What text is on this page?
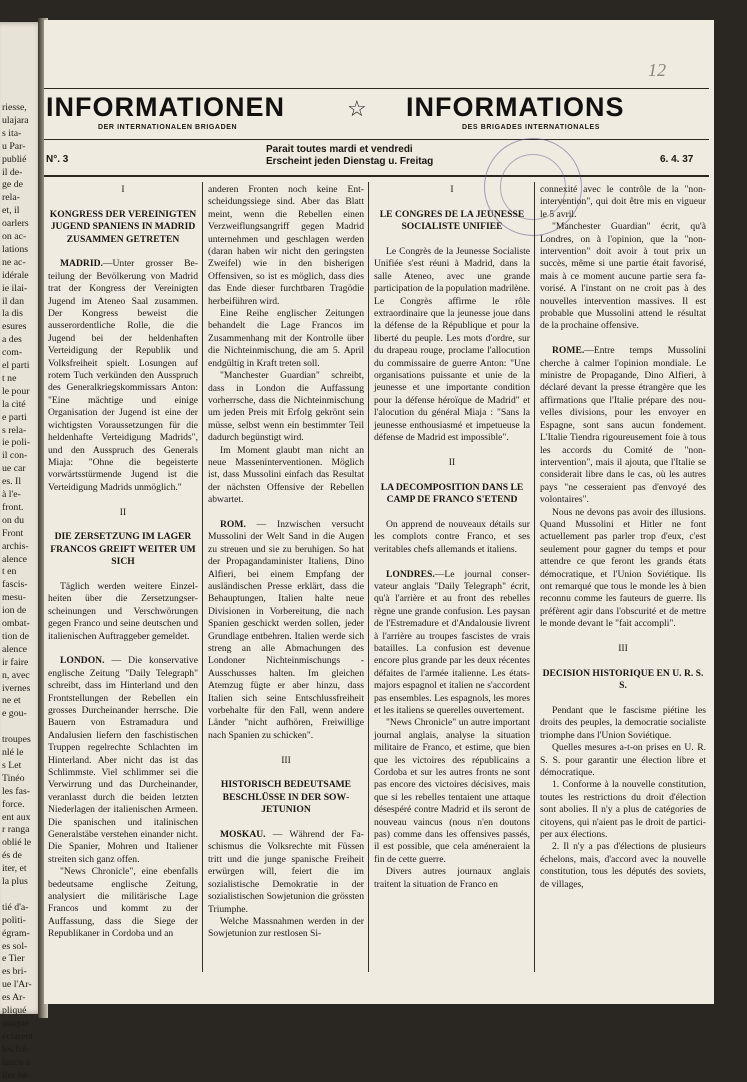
riesse,
ulajara
s ita-
u Par-
publié
il de-
ge de
rela-
et, il
oarlers
on ac-
lations
ne ac-
idérale
ie ilai-
il dan
la dis
esures
a des
com-
el parti
t ne
le pour
la cité
e parti
s rela-
ie poli-
il con-
ue car
es. Il
à l'e-
front.
on du
Front
archis-
alence
t en
fascis-
mesu-
ion de
ombat-
tion de
alence
ir faire
n, avec
ivernes
ne et
e gou-
troupes
nlé le
s Let
Tinéo
les fas-
force.
ent aux
r ranga
oblié le
és de
iter, et
la plus
tié d'a-
politi-
égram-
es sol-
e Tier
es bri-
ue l'Ar-
es Ar-
pliqué
unique
éclarent
les fré-
lanco a
iles hé-
12
INFORMATIONEN	☆ INFORMATIONS
DER INTERNATIONALEN BRIGADEN	DES BRIGADES INTERNATIONALES
N°. 3
Parait toutes mardi et vendredi
Erscheint jeden Dienstag u. Freitag	6. 4. 37

I

KONGRESS DER VEREINIGTEN JUGEND SPANIENS IN MADRID ZUSAMMEN GETRETEN

MADRID.—Unter grosser Beteilung der Bevölkerung von Madrid trat der Kongress der Vereinigten Jugend im Ateneo Saal zusammen. Der Kongress beweist die ausserordentliche Rolle, die die Jugend bei der heldenhaften Verteidigung der Republik und Volksfreiheit spielt. Losungen auf rotem Tuch verkünden den Ausspruch des Generalkriegskommissars Anton: "Eine mächtige und einige Organisation der Jugend ist eine der wichtigsten Voraussetzungen für die heldenhafte Verteidigung Madrids", und den Ausspruch des Generals Miaja: "Ohne die begeisterte vorwärtsstürmende Jugend ist die Verteidigung Madrids unmöglich."

II

DIE ZERSETZUNG IM LAGER FRANCOS GREIFT WEITER UM SICH

Täglich werden weitere Einzelheiten über die Zersetzungserscheinungen und Verschwörungen gegen Franco und seine deutschen und italienischen Auftraggeber gemeldet.

LONDON. — Die konservative englische Zeitung "Daily Telegraph" schreibt, dass im Hinterland und den Frontstellungen der Rebellen ein grosses Durcheinander herrsche. Die Bauern von Estramadura und Andalusien liefern den faschistischen Truppen regelrechte Schlachten im Hinterland. Aber nicht das ist das Schlimmste. Viel schlimmer sei die Verwirrung und das Durcheinander, veranlasst durch die beiden letzten Niederlagen der italienischen Armeen. Die spanischen und italinischen Generalstäbe verstehen einander nicht. Die Spanier, Mohren und Italiener streiten sich ganz offen.

"News Chronicle", eine ebenfalls bedeutsame englische Zeitung, analysiert die militärische Lage Francos und kommt zu der Auffassung, dass die Siege der Republikaner in Cordoba und an

anderen Fronten noch keine Entscheidungssiege sind. Aber das Blatt meint, wenn die Rebellen einen Verzweiflungsangriff gegen Madrid unternehmen und geschlagen werden (daran haben wir nicht den geringsten Zweifel) wie in den bisherigen Offensiven, so ist es möglich, dass dies das Ende dieser furchtbaren Tragödie herbeiführen wird.

Eine Reihe englischer Zeitungen behandelt die Lage Francos im Zusammenhang mit der Kontrolle über die Nichteinmischung, die am 5. April endgültig in Kraft treten soll.

"Manchester Guardian" schreibt, dass in London die Auffassung vorherrsche, dass die Nichteinmischung um jeden Preis mit Erfolg gekrönt sein müsse, selbst wenn ein bestimmter Teil dadurch begünstigt wird.

Im Moment glaubt man nicht an neue Masseninterventionen. Möglich ist, dass Mussolini einfach das Resultat der nächsten Offensive der Rebellen abwartet.

ROM. — Inzwischen versucht Mussolini der Welt Sand in die Augen zu streuen und sie zu beruhigen. So hat der Propagandaminister Italiens, Dino Alfieri, bei einem Empfang der ausländischen Presse erklärt, dass die Behauptungen, Italien halte neue Divisionen in Vorbereitung, die nach Spanien geschickt werden sollen, jeder Grundlage entbehren. Italien werde sich streng an alle Abmachungen des Londoner Nichteinmischungs - Ausschusses halten. Im gleichen Atemzug fügte er aber hinzu, dass Italien sich seine Entschlussfreiheit vorbehalte für den Fall, wenn andere Länder "nicht aufhören, Freiwillige nach Spanien zu schicken".

III

HISTORISCH BEDEUTSAME BESCHLÜSSE IN DER SOWJETUNION

MOSKAU. — Während der Faschismus die Volksrechte mit Füssen tritt und die junge spanische Freiheit erwürgen will, feiert die im sozialistische Demokratie in der sozialistischen Sowjetunion die grössten Triumphe.

Welche Massnahmen werden in der Sowjetunion zur restlosen Si-

I

LE CONGRES DE LA JEUNESSE SOCIALISTE UNIFIEE

Le Congrès de la Jeunesse Socialiste Unifiée s'est réuni à Madrid, dans la salle Ateneo, avec une grande participation de la population madrilène. Le Congrès affirme le rôle extraordinaire que la jeunesse joue dans la défense de la République et pour la liberté du peuple. Les mots d'ordre, sur du drapeau rouge, proclame l'allocution du commissaire de guerre Anton: "Une organisations puissante et unie de la jeunesse et une importante condition pour la défense héroïque de Madrid" et l'alocution du général Miaja : "Sans la jeunesse enthousiasmé et impetueuse la défense de Madrid est impossible".

II

LA DECOMPOSITION DANS LE CAMP DE FRANCO S'ETEND

On apprend de nouveaux détails sur les complots contre Franco, et ses veritables chefs allemands et italiens.

LONDRES.—Le journal conservateur anglais "Daily Telegraph" écrit, qu'à l'arrière et au front des rebelles règne une grande confusion. Les paysan de l'Estremadure et d'Andalousie livrent à l'arrière au troupes fascistes de vrais batailles. La confusion est devenue encore plus grande par les deux récentes défaites de l'armée italienne. Les états-majors espagnol et italien ne s'accordent pas ensembles. Les espagnols, les mores et les italiens se querelles ouvertement.

"News Chronicle" un autre important journal anglais, analyse la situation militaire de Franco, et estime, que bien que les victoires des républicains a Cordoba et sur les autres fronts ne sont pas encore des victoires décisives, mais que si les rebelles tentaient une attaque désespéré contre Madrid et ils seront de nouveau vaincus (nous n'en doutons pas) comme dans les offensives passés, il est possible, que cela améneraient la fin de cette guerre.

Divers autres journaux anglais traitent la situation de Franco en

connexité avec le contrôle de la "non-intervention", qui doit être mis en vigueur le 5 avril.

"Manchester Guardian" écrit, qu'à Londres, on à l'opinion, que la "non-intervention" doit avoir à tout prix un succès, même si une partie était favorisé, mais à ce moment aucune partie sera favorisé. A l'instant on ne croit pas à des nouvelles intervention massives. Il est probable que Mussolini attend le résultat de la prochaine offensive.

ROME.—Entre temps Mussolini cherche à calmer l'opinion mondiale. Le ministre de Propagande, Dino Alfieri, à déclaré devant la presse étrangère que les affirmations que l'Italie prépare des nouvelles divisions, pour les envoyer en Espagne, sont sans aucun fondement. L'Italie Tiendra rigoureusement foie à tous les accords du Comité de "non-intervention", mais il ajouta, que l'Italie se considerait libre dans le cas, où les autres pays "ne cesseraient pas d'envoyé des volontaires".

Nous ne devons pas avoir des illusions. Quand Mussolini et Hitler ne font actuellement pas parler trop d'eux, c'est seulement pour gagner du temps et pour attendre ce que feront les grands états démocratique, et l'Union Soviétique. Ils ont remarqué que tous le monde les à bien reconnu comme les fauteurs de guerre. Ils préfèrent agir dans l'obscurité et de mettre le monde devant le "fait accompli".

III

DECISION HISTORIQUE EN U. R. S. S.

Pendant que le fascisme piétine les droits des peuples, la democratie socialiste triomphe dans l'Union Soviétique.

Quelles mesures a-t-on prises en U. R. S. S. pour garantir une élection libre et démocratique.

1. Conforme à la nouvelle constitution, toutes les restrictions du droit d'élection sont abolies. Il n'y a plus de catégories de citoyens, qui n'aient pas le droit de participer aux élections.

2. Il n'y a pas d'élections de plusieurs échelons, mais, d'accord avec la nouvelle constitution, tous les députés des soviets, de villages,
